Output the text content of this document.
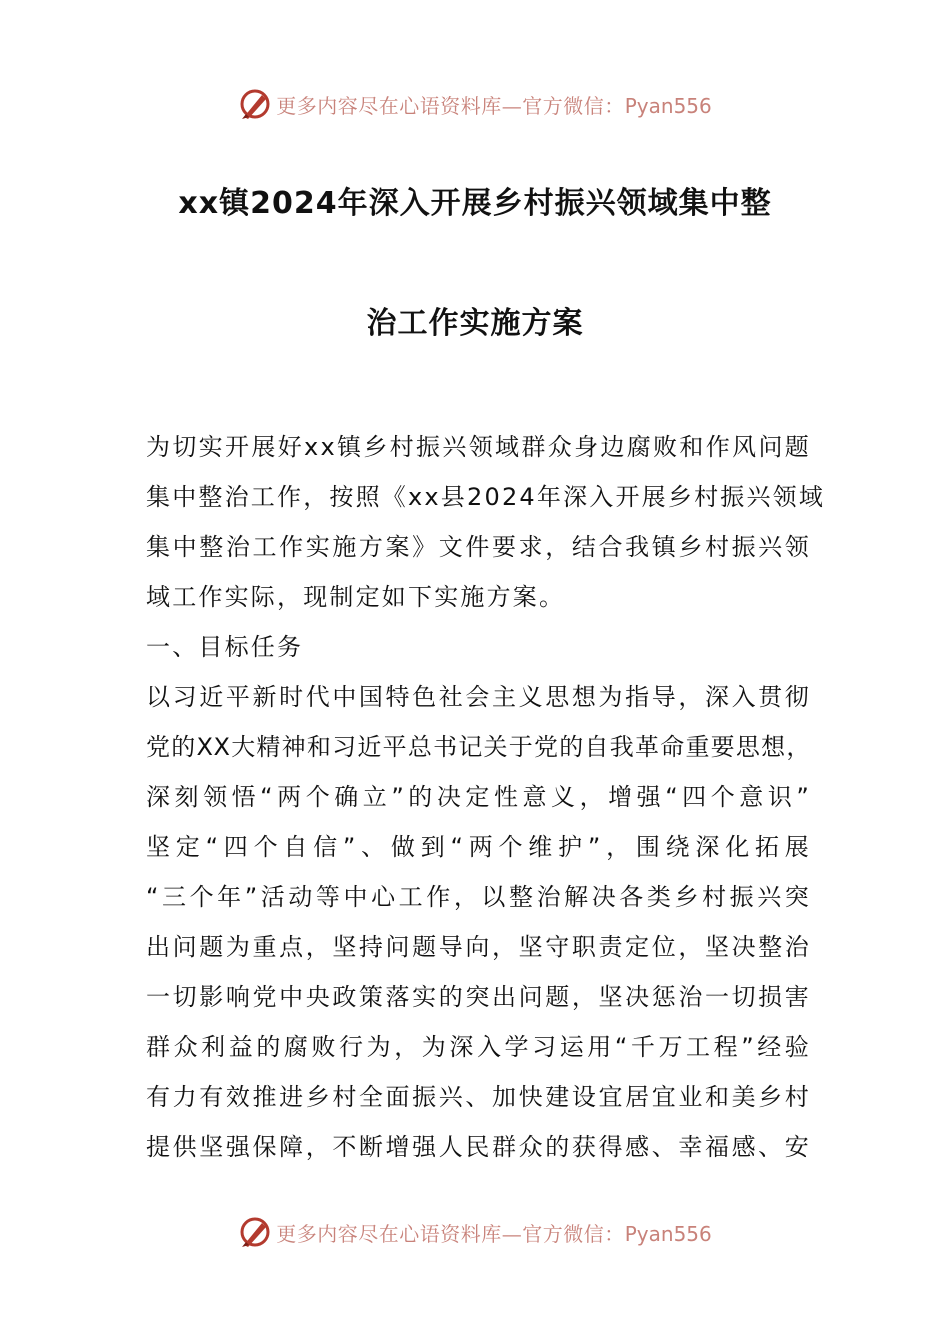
更多内容尽在心语资料库—官方微信：Pyan556
xx镇2024年深入开展乡村振兴领域集中整
治工作实施方案
为切实开展好xx镇乡村振兴领域群众身边腐败和作风问题
集中整治工作，按照《xx县2024年深入开展乡村振兴领域
集中整治工作实施方案》文件要求，结合我镇乡村振兴领
域工作实际，现制定如下实施方案。
一、目标任务
以习近平新时代中国特色社会主义思想为指导，深入贯彻
党的XX大精神和习近平总书记关于党的自我革命重要思想，
深刻领悟“两个确立”的决定性意义，增强“四个意识”
坚定“四个自信”、做到“两个维护”，围绕深化拓展
“三个年”活动等中心工作，以整治解决各类乡村振兴突
出问题为重点，坚持问题导向，坚守职责定位，坚决整治
一切影响党中央政策落实的突出问题，坚决惩治一切损害
群众利益的腐败行为，为深入学习运用“千万工程”经验
有力有效推进乡村全面振兴、加快建设宜居宜业和美乡村
提供坚强保障，不断增强人民群众的获得感、幸福感、安
更多内容尽在心语资料库—官方微信：Pyan556
